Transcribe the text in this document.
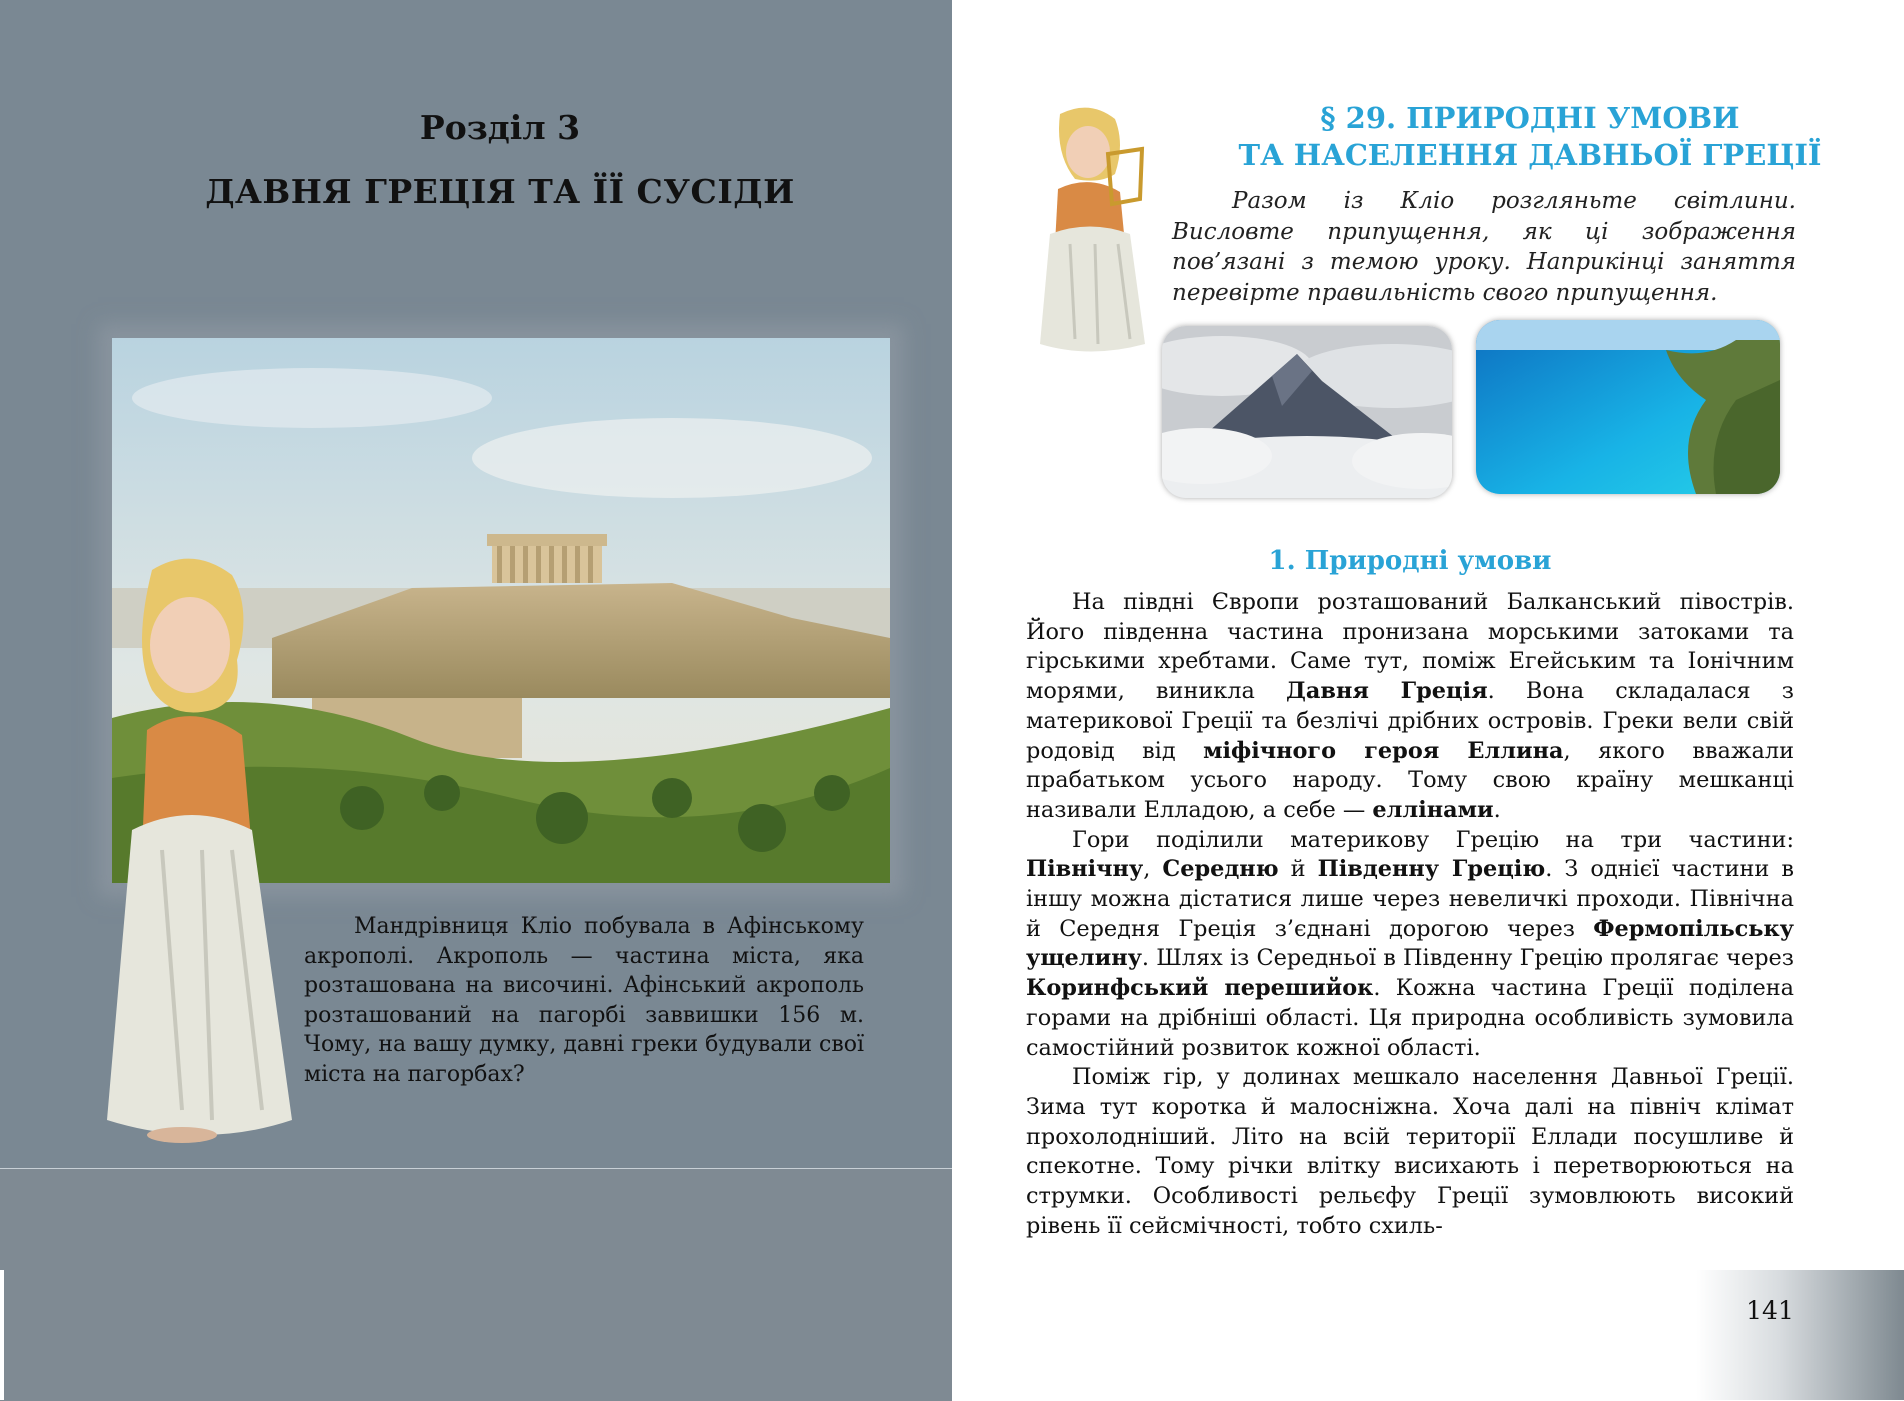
Розділ 3
ДАВНЯ ГРЕЦІЯ ТА ЇЇ СУСІДИ

Мандрівниця Кліо побувала в Афінському акрополі. Акрополь — частина міста, яка розташована на височині. Афінський акрополь розташований на пагорбі заввишки 156 м. Чому, на вашу думку, давні греки будували свої міста на пагорбах?

§ 29. ПРИРОДНІ УМОВИ
ТА НАСЕЛЕННЯ ДАВНЬОЇ ГРЕЦІЇ

Разом із Кліо розгляньте світлини. Висловте припущення, як ці зображення пов’язані з темою уроку. Наприкінці заняття перевірте правильність свого припущення.

1. Природні умови

На півдні Європи розташований Балканський півострів. Його південна частина пронизана морськими затоками та гірськими хребтами. Саме тут, поміж Егейським та Іонічним морями, виникла Давня Греція. Вона складалася з материкової Греції та безлічі дрібних островів. Греки вели свій родовід від міфічного героя Еллина, якого вважали прабатьком усього народу. Тому свою країну мешканці називали Елладою, а себе — еллінами.

Гори поділили материкову Грецію на три частини: Північну, Середню й Південну Грецію. З однієї частини в іншу можна дістатися лише через невеличкі проходи. Північна й Середня Греція з’єднані дорогою через Фермопільську ущелину. Шлях із Середньої в Південну Грецію пролягає через Коринфський перешийок. Кожна частина Греції поділена горами на дрібніші області. Ця природна особливість зумовила самостійний розвиток кожної області.

Поміж гір, у долинах мешкало населення Давньої Греції. Зима тут коротка й малосніжна. Хоча далі на північ клімат прохолодніший. Літо на всій території Еллади посушливе й спекотне. Тому річки влітку висихають і перетворюються на струмки. Особливості рельєфу Греції зумовлюють високий рівень її сейсмічності, тобто схиль-

141
